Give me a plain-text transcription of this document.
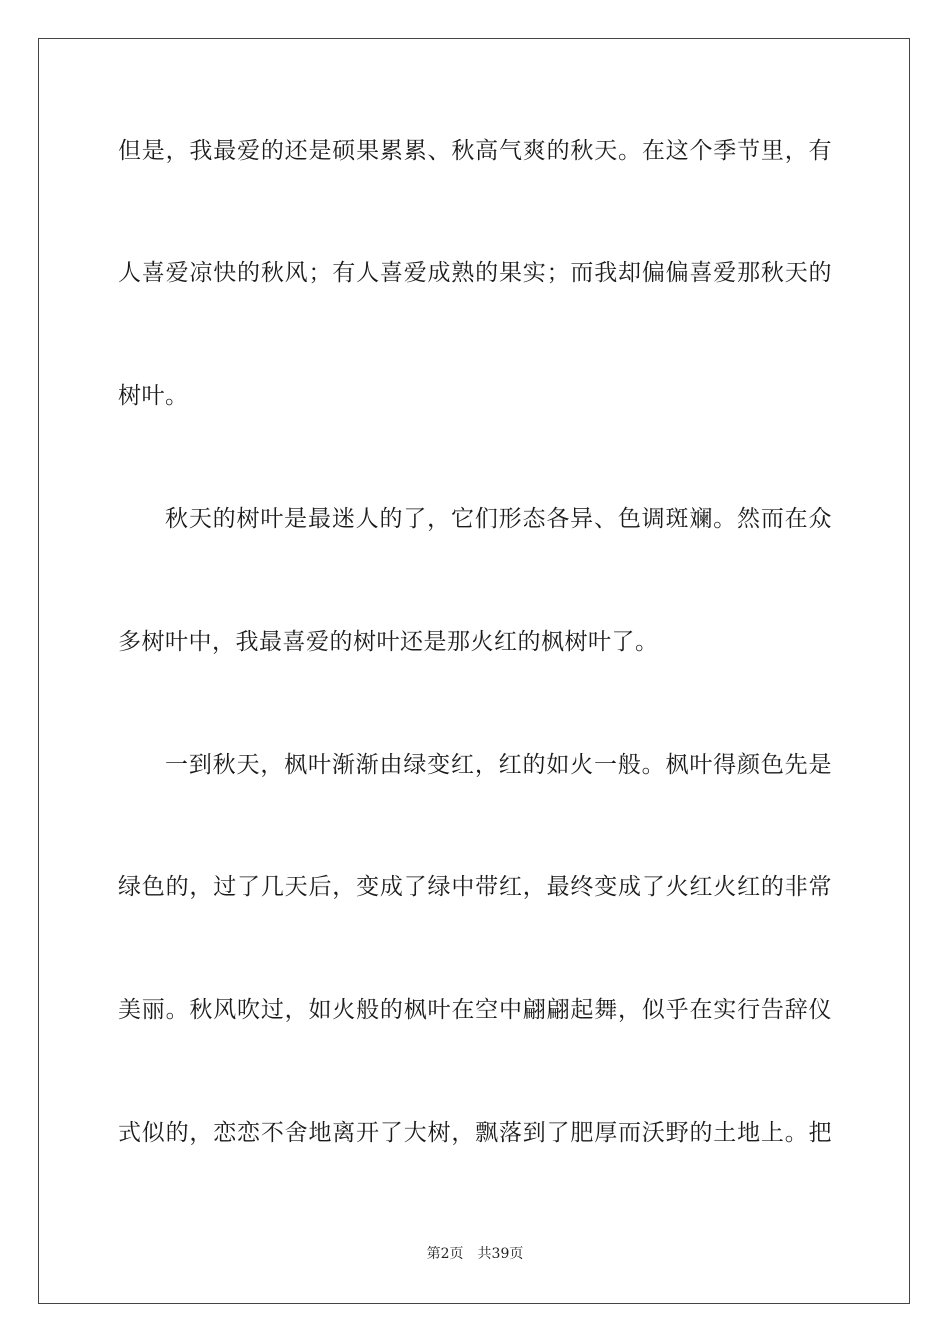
但是，我最爱的还是硕果累累、秋高气爽的秋天。在这个季节里，有
人喜爱凉快的秋风；有人喜爱成熟的果实；而我却偏偏喜爱那秋天的
树叶。
秋天的树叶是最迷人的了，它们形态各异、色调斑斓。然而在众
多树叶中，我最喜爱的树叶还是那火红的枫树叶了。
一到秋天，枫叶渐渐由绿变红，红的如火一般。枫叶得颜色先是
绿色的，过了几天后，变成了绿中带红，最终变成了火红火红的非常
美丽。秋风吹过，如火般的枫叶在空中翩翩起舞，似乎在实行告辞仪
式似的，恋恋不舍地离开了大树，飘落到了肥厚而沃野的土地上。把
第2页 共39页
